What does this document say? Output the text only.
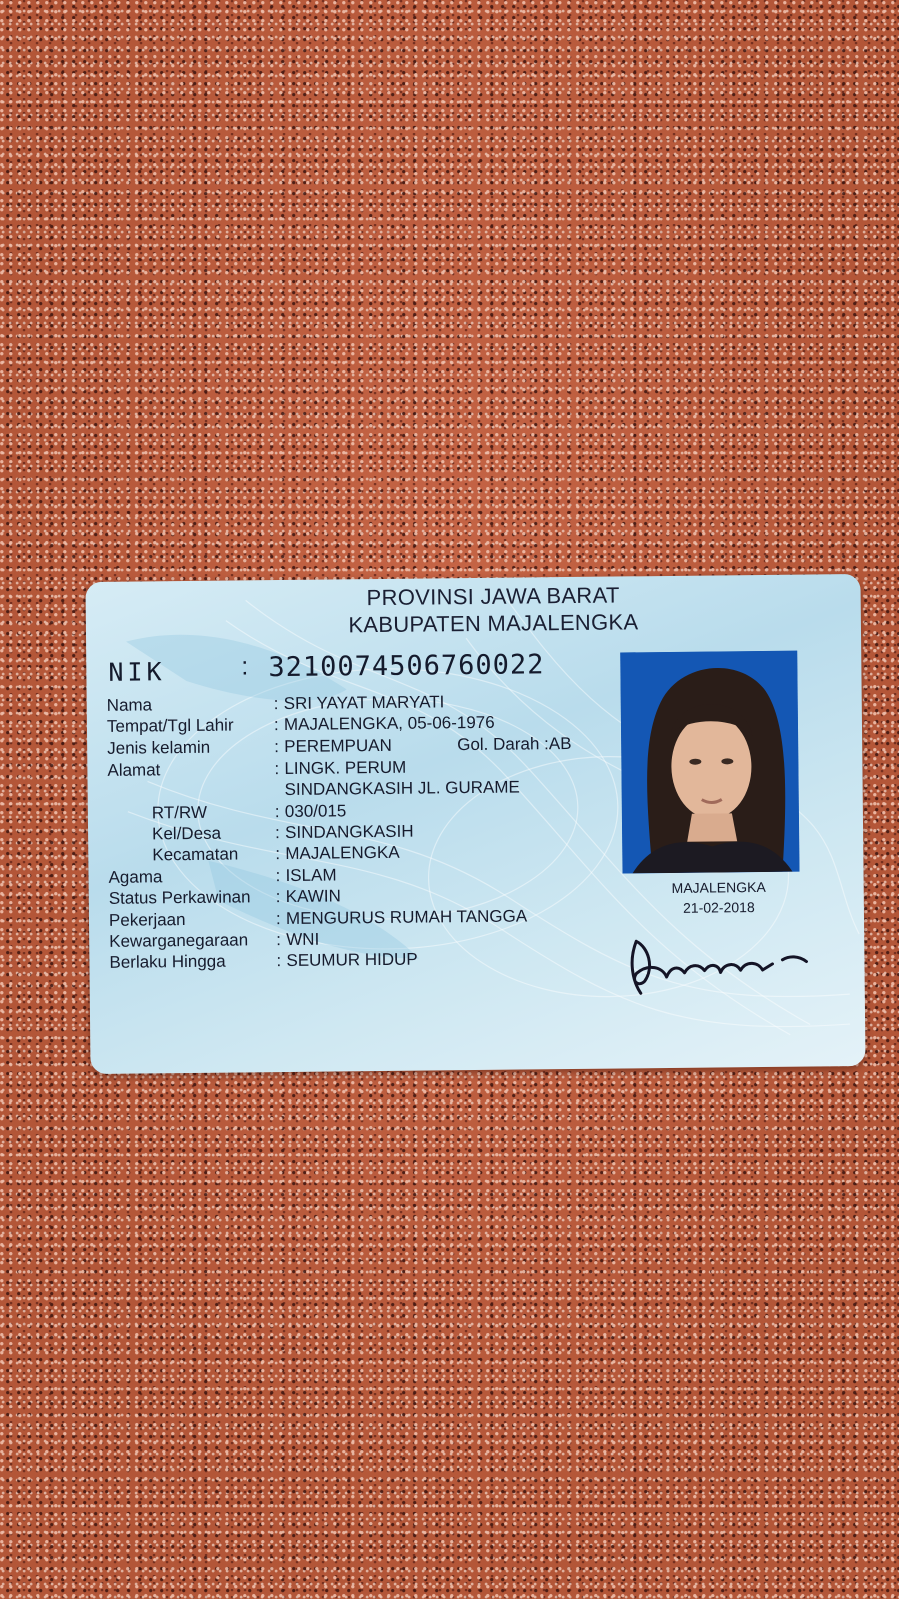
PROVINSI JAWA BARAT
KABUPATEN MAJALENGKA
NIK	: 3210074506760022
Nama	: SRI YAYAT MARYATI
Tempat/Tgl Lahir : MAJALENGKA, 05-06-1976
Jenis kelamin	: PEREMPUAN	Gol. Darah :AB
Alamat	: LINGK. PERUM
SINDANGKASIH JL. GURAME
RT/RW	: 030/015
Kel/Desa	: SINDANGKASIH
Kecamatan : MAJALENGKA
Agama	: ISLAM
Status Perkawinan : KAWIN
Pekerjaan	: MENGURUS RUMAH TANGGA
Kewarganegaraan : WNI
Berlaku Hingga	: SEUMUR HIDUP
MAJALENGKA
21-02-2018
